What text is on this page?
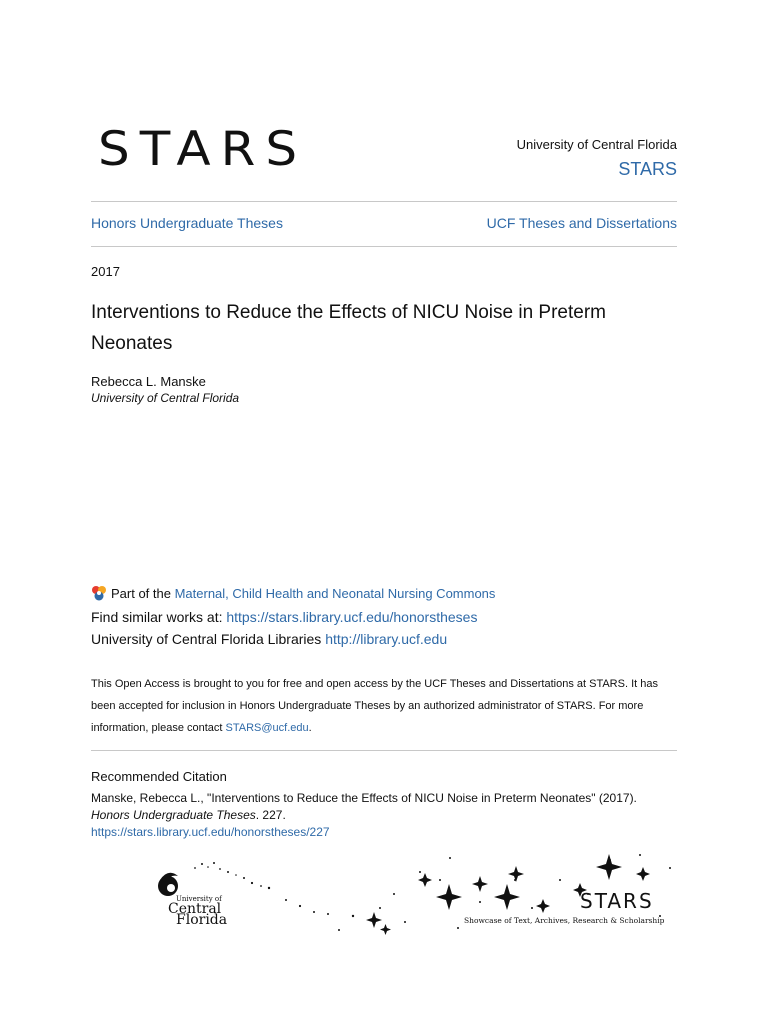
STARS	University of Central Florida
STARS
Honors Undergraduate Theses	UCF Theses and Dissertations
2017
Interventions to Reduce the Effects of NICU Noise in Preterm Neonates
Rebecca L. Manske
University of Central Florida
Part of the Maternal, Child Health and Neonatal Nursing Commons
Find similar works at: https://stars.library.ucf.edu/honorstheses
University of Central Florida Libraries http://library.ucf.edu
This Open Access is brought to you for free and open access by the UCF Theses and Dissertations at STARS. It has been accepted for inclusion in Honors Undergraduate Theses by an authorized administrator of STARS. For more information, please contact STARS@ucf.edu.
Recommended Citation
Manske, Rebecca L., "Interventions to Reduce the Effects of NICU Noise in Preterm Neonates" (2017).
Honors Undergraduate Theses. 227.
https://stars.library.ucf.edu/honorstheses/227
University of
Central
Florida
STARS
Showcase of Text, Archives, Research & Scholarship
